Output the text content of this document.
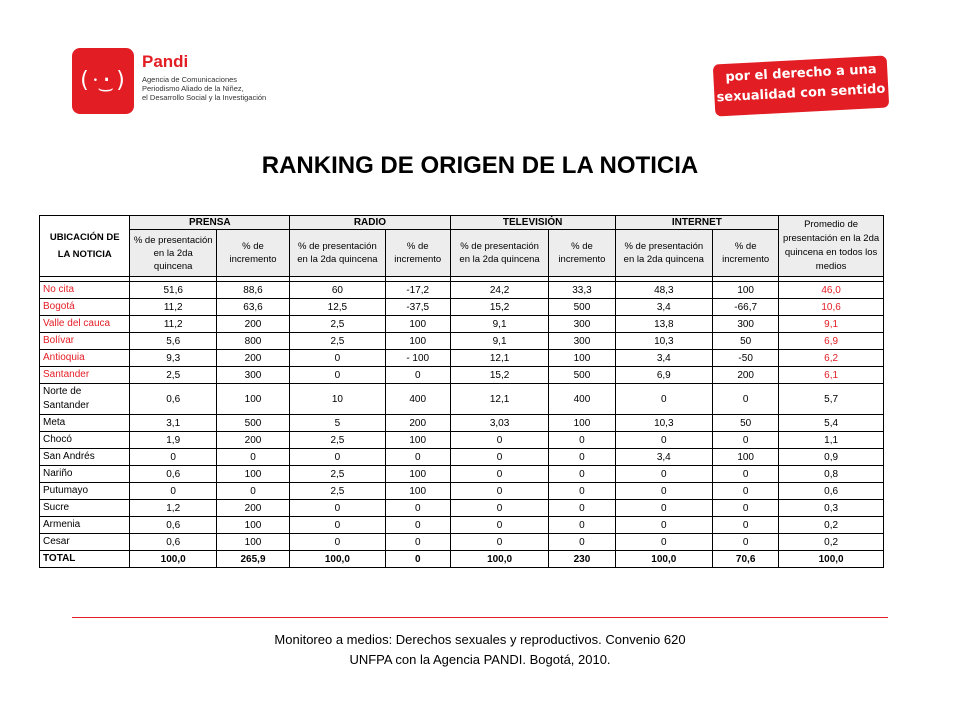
(·͜·)
Pandi
Agencia de Comunicaciones
Periodismo Aliado de la Niñez,
el Desarrollo Social y la Investigación
por el derecho a una
sexualidad con sentido
RANKING DE ORIGEN DE LA NOTICIA
UBICACIÓN DE LA NOTICIA	PRENSA		RADIO		TELEVISIÓN		INTERNET		Promedio de presentación en la 2da quincena en todos los medios
	% de presentación en la 2da quincena	% de incremento	% de presentación en la 2da quincena	% de incremento	% de presentación en la 2da quincena	% de incremento	% de presentación en la 2da quincena	% de incremento	

No cita	51,6	88,6	60	-17,2	24,2	33,3	48,3	100	46,0
Bogotá	11,2	63,6	12,5	-37,5	15,2	500	3,4	-66,7	10,6
Valle del cauca	11,2	200	2,5	100	9,1	300	13,8	300	9,1
Bolívar	5,6	800	2,5	100	9,1	300	10,3	50	6,9
Antioquia	9,3	200	0	- 100	12,1	100	3,4	-50	6,2
Santander	2,5	300	0	0	15,2	500	6,9	200	6,1
Norte de Santander	0,6	100	10	400	12,1	400	0	0	5,7
Meta	3,1	500	5	200	3,03	100	10,3	50	5,4
Chocó	1,9	200	2,5	100	0	0	0	0	1,1
San Andrés	0	0	0	0	0	0	3,4	100	0,9
Nariño	0,6	100	2,5	100	0	0	0	0	0,8
Putumayo	0	0	2,5	100	0	0	0	0	0,6
Sucre	1,2	200	0	0	0	0	0	0	0,3
Armenia	0,6	100	0	0	0	0	0	0	0,2
Cesar	0,6	100	0	0	0	0	0	0	0,2
TOTAL	100,0	265,9	100,0	0	100,0	230	100,0	70,6	100,0
Monitoreo a medios: Derechos sexuales y reproductivos. Convenio 620
UNFPA con la Agencia PANDI. Bogotá, 2010.
